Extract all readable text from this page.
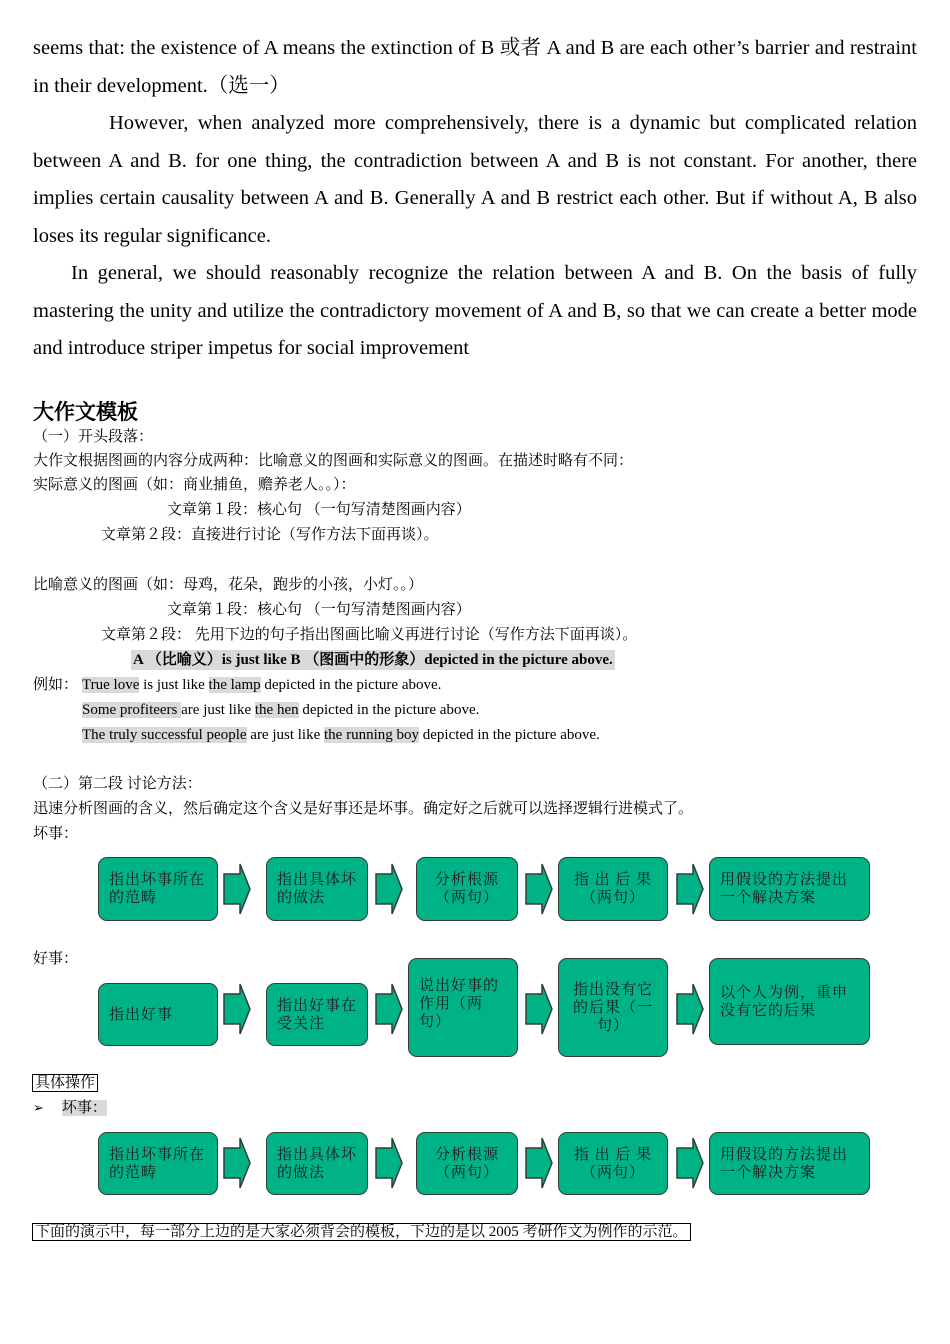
seems that: the existence of A means the extinction of B 或者 A and B are each other’s barrier and restraint in their development.（选一）

However, when analyzed more comprehensively, there is a dynamic but complicated relation between A and B. for one thing, the contradiction between A and B is not constant. For another, there implies certain causality between A and B. Generally A and B restrict each other. But if without A, B also loses its regular significance.

In general, we should reasonably recognize the relation between A and B. On the basis of fully mastering the unity and utilize the contradictory movement of A and B, so that we can create a better mode and introduce striper impetus for social improvement

大作文模板
（一）开头段落：
大作文根据图画的内容分成两种：比喻意义的图画和实际意义的图画。在描述时略有不同：
实际意义的图画（如：商业捕鱼，赡养老人。。）：
文章第１段：核心句 （一句写清楚图画内容）
文章第２段：直接进行讨论（写作方法下面再谈）。
比喻意义的图画（如：母鸡，花朵，跑步的小孩，小灯。。）
文章第１段：核心句 （一句写清楚图画内容）
文章第２段： 先用下边的句子指出图画比喻义再进行讨论（写作方法下面再谈）。
A （比喻义）is just like B （图画中的形象）depicted in the picture above.
例如： True love is just like the lamp depicted in the picture above.
Some profiteers are just like the hen depicted in the picture above.
The truly successful people are just like the running boy depicted in the picture above.
（二）第二段 讨论方法：
迅速分析图画的含义，然后确定这个含义是好事还是坏事。确定好之后就可以选择逻辑行进模式了。
坏事：
指出坏事所在的范畴
指出具体坏的做法
分析根源（两句）
指 出 后 果（两句）
用假设的方法提出一个解决方案
好事：
指出好事
指出好事在受关注
说出好事的作用（两句）
指出没有它的后果（一句）
以个人为例，重申没有它的后果
具体操作
➢ 坏事：
指出坏事所在的范畴
指出具体坏的做法
分析根源（两句）
指 出 后 果（两句）
用假设的方法提出一个解决方案
下面的演示中，每一部分上边的是大家必须背会的模板，下边的是以 2005 考研作文为例作的示范。
